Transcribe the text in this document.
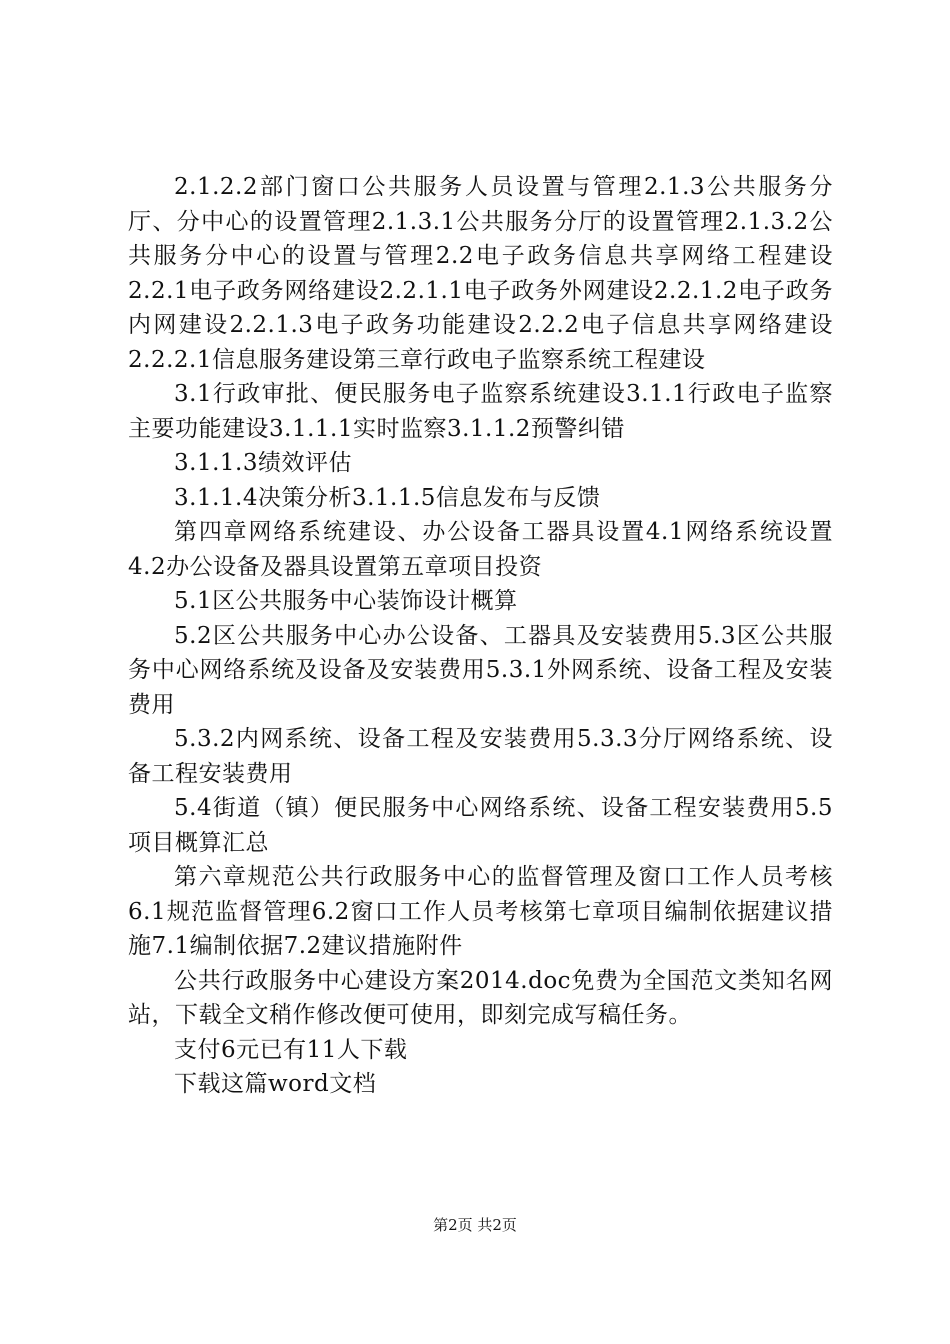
2.1.2.2部门窗口公共服务人员设置与管理2.1.3公共服务分厅、分中心的设置管理2.1.3.1公共服务分厅的设置管理2.1.3.2公共服务分中心的设置与管理2.2电子政务信息共享网络工程建设2.2.1电子政务网络建设2.2.1.1电子政务外网建设2.2.1.2电子政务内网建设2.2.1.3电子政务功能建设2.2.2电子信息共享网络建设2.2.2.1信息服务建设第三章行政电子监察系统工程建设

3.1行政审批、便民服务电子监察系统建设3.1.1行政电子监察主要功能建设3.1.1.1实时监察3.1.1.2预警纠错

3.1.1.3绩效评估

3.1.1.4决策分析3.1.1.5信息发布与反馈

第四章网络系统建设、办公设备工器具设置4.1网络系统设置4.2办公设备及器具设置第五章项目投资

5.1区公共服务中心装饰设计概算

5.2区公共服务中心办公设备、工器具及安装费用5.3区公共服务中心网络系统及设备及安装费用5.3.1外网系统、设备工程及安装费用

5.3.2内网系统、设备工程及安装费用5.3.3分厅网络系统、设备工程安装费用

5.4街道（镇）便民服务中心网络系统、设备工程安装费用5.5项目概算汇总

第六章规范公共行政服务中心的监督管理及窗口工作人员考核6.1规范监督管理6.2窗口工作人员考核第七章项目编制依据建议措施7.1编制依据7.2建议措施附件

公共行政服务中心建设方案2014.doc免费为全国范文类知名网站，下载全文稍作修改便可使用，即刻完成写稿任务。

支付6元已有11人下载

下载这篇word文档

第2页 共2页
